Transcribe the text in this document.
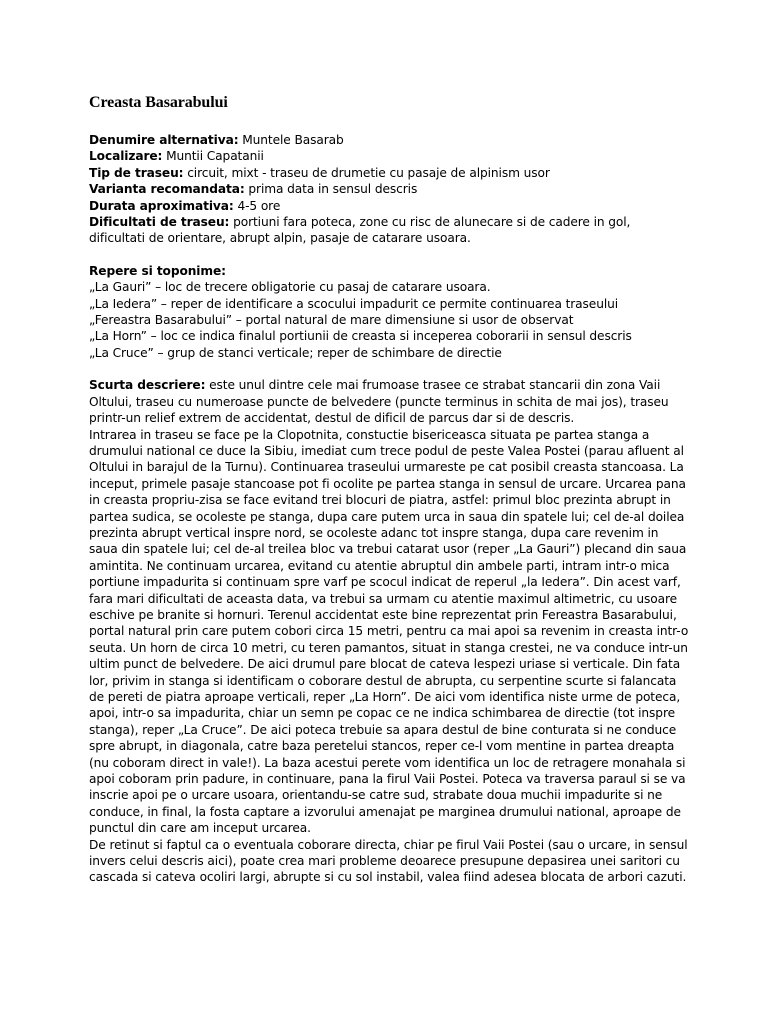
Creasta Basarabului
Denumire alternativa: Muntele Basarab
Localizare: Muntii Capatanii
Tip de traseu: circuit, mixt - traseu de drumetie cu pasaje de alpinism usor
Varianta recomandata: prima data in sensul descris
Durata aproximativa: 4-5 ore
Dificultati de traseu: portiuni fara poteca, zone cu risc de alunecare si de cadere in gol, dificultati de orientare, abrupt alpin, pasaje de catarare usoara.
Repere si toponime:
„La Gauri” – loc de trecere obligatorie cu pasaj de catarare usoara.
„La Iedera” – reper de identificare a scocului impadurit ce permite continuarea traseului
„Fereastra Basarabului” – portal natural de mare dimensiune si usor de observat
„La Horn” – loc ce indica finalul portiunii de creasta si inceperea coborarii in sensul descris
„La Cruce” – grup de stanci verticale; reper de schimbare de directie
Scurta descriere: este unul dintre cele mai frumoase trasee ce strabat stancarii din zona Vaii Oltului, traseu cu numeroase puncte de belvedere (puncte terminus in schita de mai jos), traseu printr-un relief extrem de accidentat, destul de dificil de parcus dar si de descris.
Intrarea in traseu se face pe la Clopotnita, constuctie bisericeasca situata pe partea stanga a drumului national ce duce la Sibiu, imediat cum trece podul de peste Valea Postei (parau afluent al Oltului in barajul de la Turnu). Continuarea traseului urmareste pe cat posibil creasta stancoasa. La inceput, primele pasaje stancoase pot fi ocolite pe partea stanga in sensul de urcare. Urcarea pana in creasta propriu-zisa se face evitand trei blocuri de piatra, astfel: primul bloc prezinta abrupt in partea sudica, se ocoleste pe stanga, dupa care putem urca in saua din spatele lui; cel de-al doilea prezinta abrupt vertical inspre nord, se ocoleste adanc tot inspre stanga, dupa care revenim in saua din spatele lui; cel de-al treilea bloc va trebui catarat usor (reper „La Gauri”) plecand din saua amintita. Ne continuam urcarea, evitand cu atentie abruptul din ambele parti, intram intr-o mica portiune impadurita si continuam spre varf pe scocul indicat de reperul „la Iedera”. Din acest varf, fara mari dificultati de aceasta data, va trebui sa urmam cu atentie maximul altimetric, cu usoare eschive pe branite si hornuri. Terenul accidentat este bine reprezentat prin Fereastra Basarabului, portal natural prin care putem cobori circa 15 metri, pentru ca mai apoi sa revenim in creasta intr-o seuta. Un horn de circa 10 metri, cu teren pamantos, situat in stanga crestei, ne va conduce intr-un ultim punct de belvedere. De aici drumul pare blocat de cateva lespezi uriase si verticale. Din fata lor, privim in stanga si identificam o coborare destul de abrupta, cu serpentine scurte si falancata de pereti de piatra aproape verticali, reper „La Horn”. De aici vom identifica niste urme de poteca, apoi, intr-o sa impadurita, chiar un semn pe copac ce ne indica schimbarea de directie (tot inspre stanga), reper „La Cruce”. De aici poteca trebuie sa apara destul de bine conturata si ne conduce spre abrupt, in diagonala, catre baza peretelui stancos, reper ce-l vom mentine in partea dreapta (nu coboram direct in vale!). La baza acestui perete vom identifica un loc de retragere monahala si apoi coboram prin padure, in continuare, pana la firul Vaii Postei. Poteca va traversa paraul si se va inscrie apoi pe o urcare usoara, orientandu-se catre sud, strabate doua muchii impadurite si ne conduce, in final, la fosta captare a izvorului amenajat pe marginea drumului national, aproape de punctul din care am inceput urcarea.
De retinut si faptul ca o eventuala coborare directa, chiar pe firul Vaii Postei (sau o urcare, in sensul invers celui descris aici), poate crea mari probleme deoarece presupune depasirea unei saritori cu cascada si cateva ocoliri largi, abrupte si cu sol instabil, valea fiind adesea blocata de arbori cazuti.
